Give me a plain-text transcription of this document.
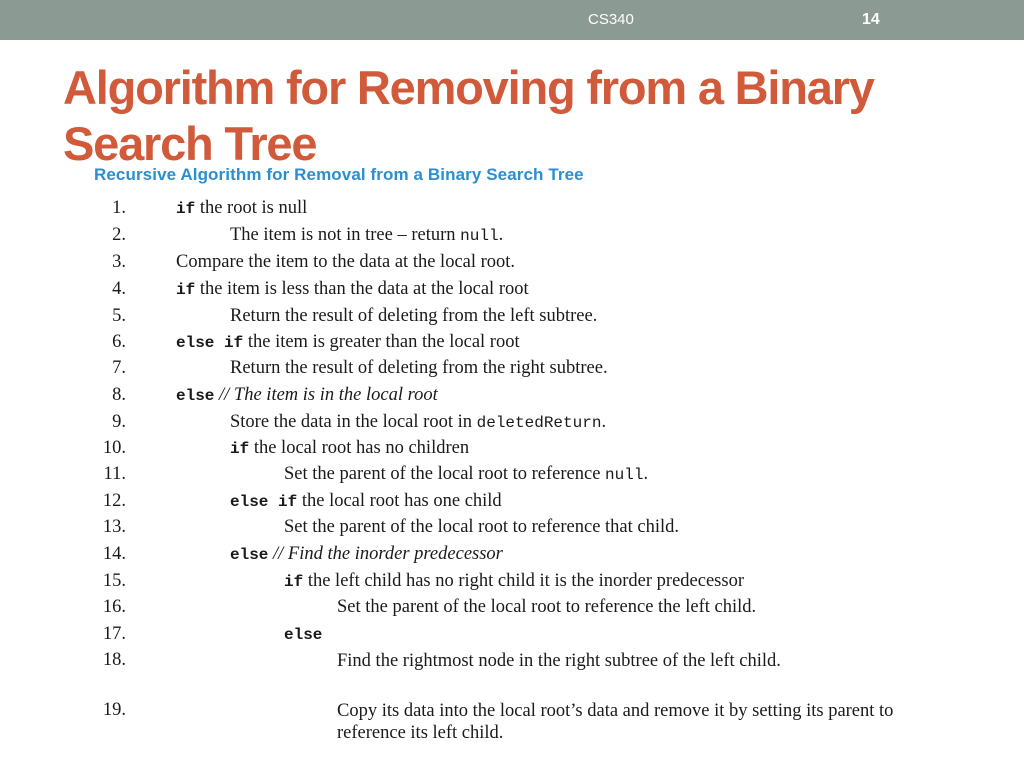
CS340	14
Algorithm for Removing from a Binary Search Tree
Recursive Algorithm for Removal from a Binary Search Tree
1.	if the root is null
2.	The item is not in tree – return null.
3.	Compare the item to the data at the local root.
4.	if the item is less than the data at the local root
5.	Return the result of deleting from the left subtree.
6.	else if the item is greater than the local root
7.	Return the result of deleting from the right subtree.
8.	else // The item is in the local root
9.	Store the data in the local root in deletedReturn.
10.	if the local root has no children
11.	Set the parent of the local root to reference null.
12.	else if the local root has one child
13.	Set the parent of the local root to reference that child.
14.	else // Find the inorder predecessor
15.	if the left child has no right child it is the inorder predecessor
16.	Set the parent of the local root to reference the left child.
17.	else
18.	Find the rightmost node in the right subtree of the left child.
19.	Copy its data into the local root’s data and remove it by setting its parent to reference its left child.
